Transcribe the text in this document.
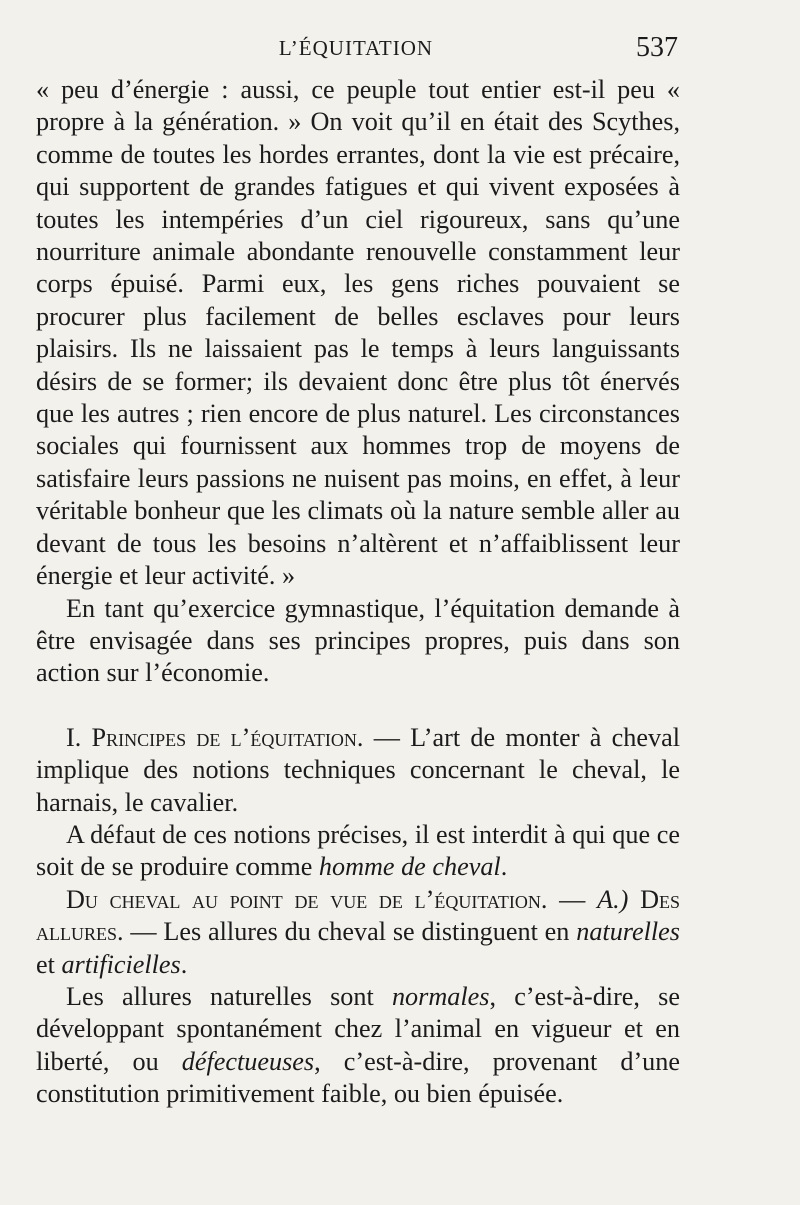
L’ÉQUITATION	537

« peu d’énergie : aussi, ce peuple tout entier est-il peu « propre à la génération. » On voit qu’il en était des Scythes, comme de toutes les hordes errantes, dont la vie est précaire, qui supportent de grandes fatigues et qui vivent exposées à toutes les intempéries d’un ciel rigoureux, sans qu’une nourriture animale abondante renouvelle constamment leur corps épuisé. Parmi eux, les gens riches pouvaient se procurer plus facilement de belles esclaves pour leurs plaisirs. Ils ne laissaient pas le temps à leurs languissants désirs de se former; ils devaient donc être plus tôt énervés que les autres ; rien encore de plus naturel. Les circonstances sociales qui fournissent aux hommes trop de moyens de satisfaire leurs passions ne nuisent pas moins, en effet, à leur véritable bonheur que les climats où la nature semble aller au devant de tous les besoins n’altèrent et n’affaiblissent leur énergie et leur activité. »

En tant qu’exercice gymnastique, l’équitation demande à être envisagée dans ses principes propres, puis dans son action sur l’économie.

I. Principes de l’équitation. — L’art de monter à cheval implique des notions techniques concernant le cheval, le harnais, le cavalier.

A défaut de ces notions précises, il est interdit à qui que ce soit de se produire comme homme de cheval.

Du cheval au point de vue de l’équitation. — A.) Des allures. — Les allures du cheval se distinguent en naturelles et artificielles.

Les allures naturelles sont normales, c’est-à-dire, se développant spontanément chez l’animal en vigueur et en liberté, ou défectueuses, c’est-à-dire, provenant d’une constitution primitivement faible, ou bien épuisée.
